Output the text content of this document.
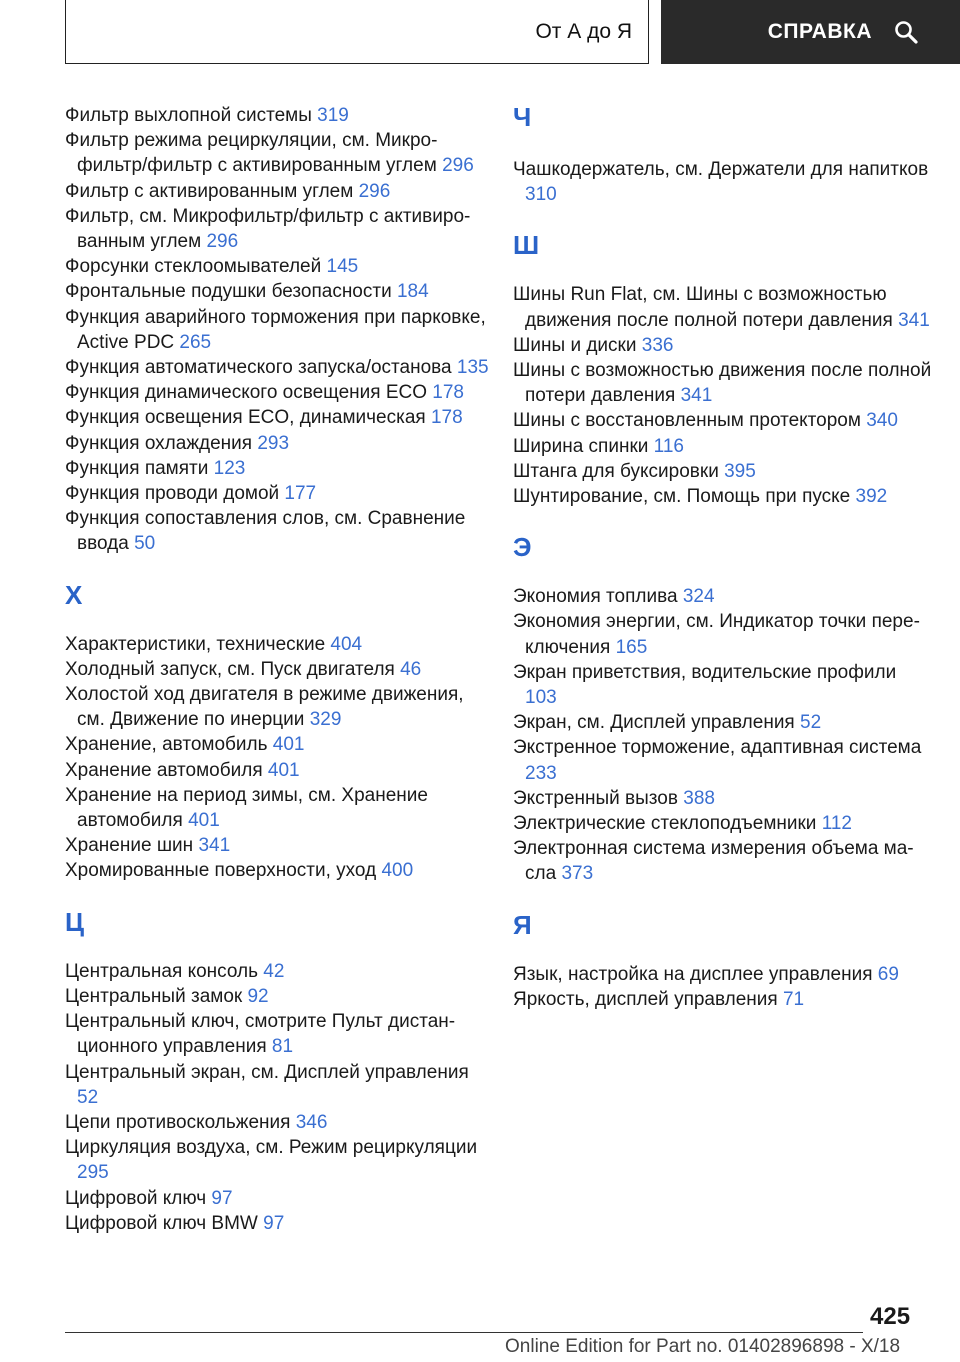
От А до Я	СПРАВКА
Фильтр выхлопной системы 319
Фильтр режима рециркуляции, см. Микрофильтр/фильтр с активированным углем 296
Фильтр с активированным углем 296
Фильтр, см. Микрофильтр/фильтр с активированным углем 296
Форсунки стеклоомывателей 145
Фронтальные подушки безопасности 184
Функция аварийного торможения при парковке, Active PDC 265
Функция автоматического запуска/останова 135
Функция динамического освещения ECO 178
Функция освещения ECO, динамическая 178
Функция охлаждения 293
Функция памяти 123
Функция проводи домой 177
Функция сопоставления слов, см. Сравнение ввода 50
Х
Характеристики, технические 404
Холодный запуск, см. Пуск двигателя 46
Холостой ход двигателя в режиме движения, см. Движение по инерции 329
Хранение, автомобиль 401
Хранение автомобиля 401
Хранение на период зимы, см. Хранение автомобиля 401
Хранение шин 341
Хромированные поверхности, уход 400
Ц
Центральная консоль 42
Центральный замок 92
Центральный ключ, смотрите Пульт дистанционного управления 81
Центральный экран, см. Дисплей управления 52
Цепи противоскольжения 346
Циркуляция воздуха, см. Режим рециркуляции 295
Цифровой ключ 97
Цифровой ключ BMW 97
Ч
Чашкодержатель, см. Держатели для напитков 310
Ш
Шины Run Flat, см. Шины с возможностью движения после полной потери давления 341
Шины и диски 336
Шины с возможностью движения после полной потери давления 341
Шины с восстановленным протектором 340
Ширина спинки 116
Штанга для буксировки 395
Шунтирование, см. Помощь при пуске 392
Э
Экономия топлива 324
Экономия энергии, см. Индикатор точки переключения 165
Экран приветствия, водительские профили 103
Экран, см. Дисплей управления 52
Экстренное торможение, адаптивная система 233
Экстренный вызов 388
Электрические стеклоподъемники 112
Электронная система измерения объема масла 373
Я
Язык, настройка на дисплее управления 69
Яркость, дисплей управления 71
425
Online Edition for Part no. 01402896898 - X/18
